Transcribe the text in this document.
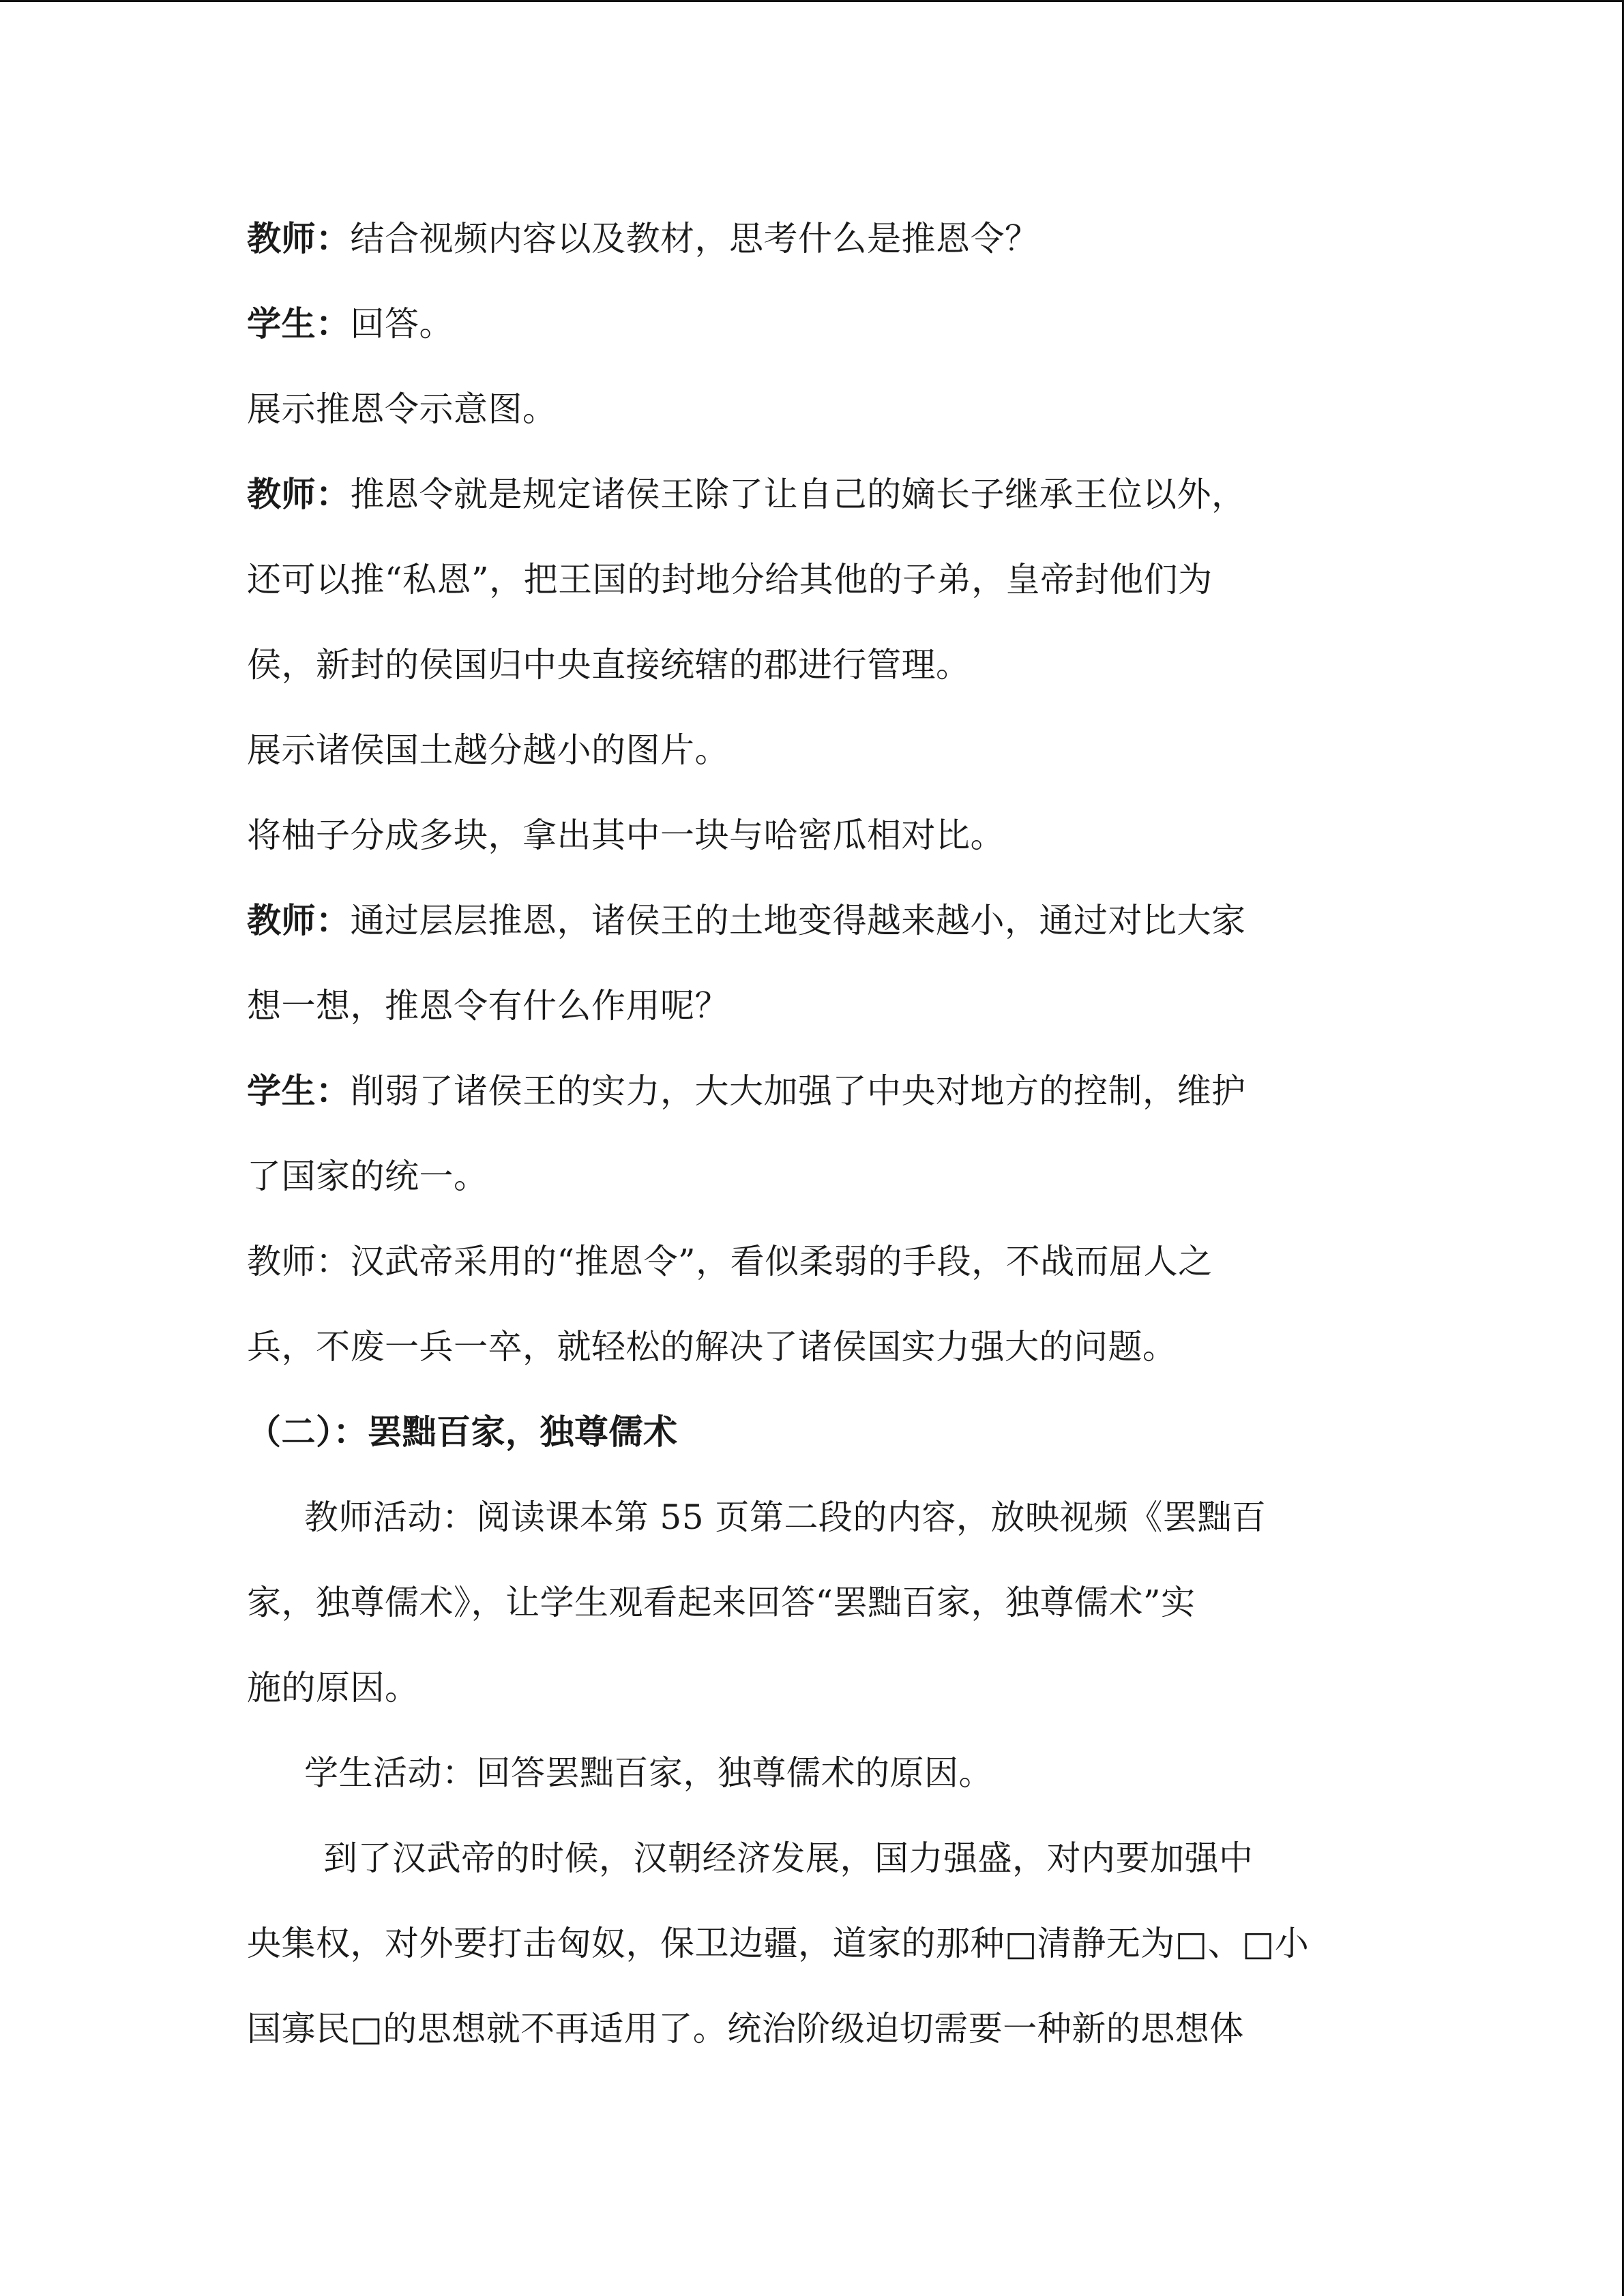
教师：结合视频内容以及教材，思考什么是推恩令？
学生：回答。
展示推恩令示意图。
教师：推恩令就是规定诸侯王除了让自己的嫡长子继承王位以外，
还可以推“私恩”，把王国的封地分给其他的子弟，皇帝封他们为
侯，新封的侯国归中央直接统辖的郡进行管理。
展示诸侯国土越分越小的图片。
将柚子分成多块，拿出其中一块与哈密瓜相对比。
教师：通过层层推恩，诸侯王的土地变得越来越小，通过对比大家
想一想，推恩令有什么作用呢？
学生：削弱了诸侯王的实力，大大加强了中央对地方的控制，维护
了国家的统一。
教师：汉武帝采用的“推恩令”，看似柔弱的手段，不战而屈人之
兵，不废一兵一卒，就轻松的解决了诸侯国实力强大的问题。
（二）：罢黜百家，独尊儒术
教师活动：阅读课本第 55 页第二段的内容，放映视频《罢黜百
家，独尊儒术》，让学生观看起来回答“罢黜百家，独尊儒术”实
施的原因。
学生活动：回答罢黜百家，独尊儒术的原因。
到了汉武帝的时候，汉朝经济发展，国力强盛，对内要加强中
央集权，对外要打击匈奴，保卫边疆，道家的那种□清静无为□、□小
国寡民□的思想就不再适用了。统治阶级迫切需要一种新的思想体
